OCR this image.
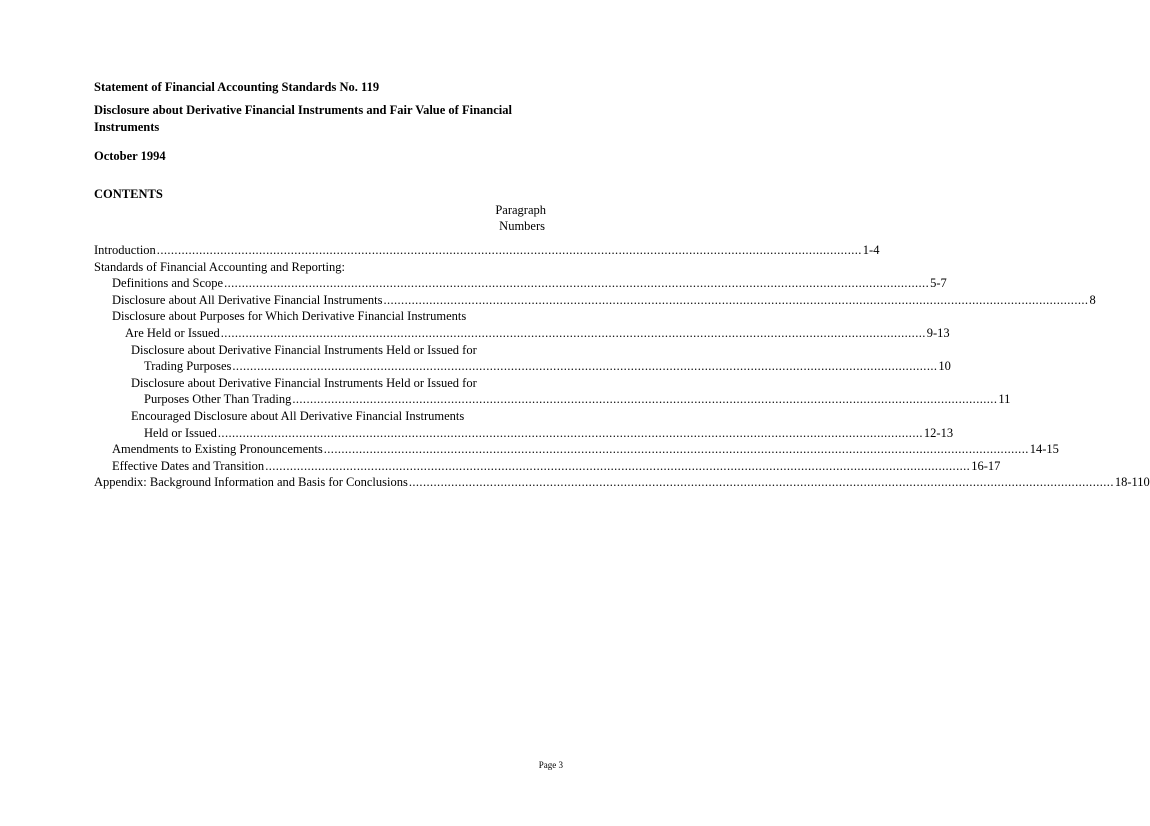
Statement of Financial Accounting Standards No. 119

Disclosure about Derivative Financial Instruments and Fair Value of Financial Instruments

October 1994

CONTENTS

Paragraph
Numbers
Introduction ........................................................................................................................................................................................................ 1-4
Standards of Financial Accounting and Reporting:
Definitions and Scope ........................................................................................................................................................................................................ 5-7
Disclosure about All Derivative Financial Instruments ........................................................................................................................................................................................................ 8
Disclosure about Purposes for Which Derivative Financial Instruments
Are Held or Issued ........................................................................................................................................................................................................ 9-13
Disclosure about Derivative Financial Instruments Held or Issued for
Trading Purposes ........................................................................................................................................................................................................ 10
Disclosure about Derivative Financial Instruments Held or Issued for
Purposes Other Than Trading ........................................................................................................................................................................................................ 11
Encouraged Disclosure about All Derivative Financial Instruments
Held or Issued ........................................................................................................................................................................................................ 12-13
Amendments to Existing Pronouncements ........................................................................................................................................................................................................ 14-15
Effective Dates and Transition ........................................................................................................................................................................................................ 16-17
Appendix: Background Information and Basis for Conclusions ........................................................................................................................................................................................................ 18-110
Page 3
